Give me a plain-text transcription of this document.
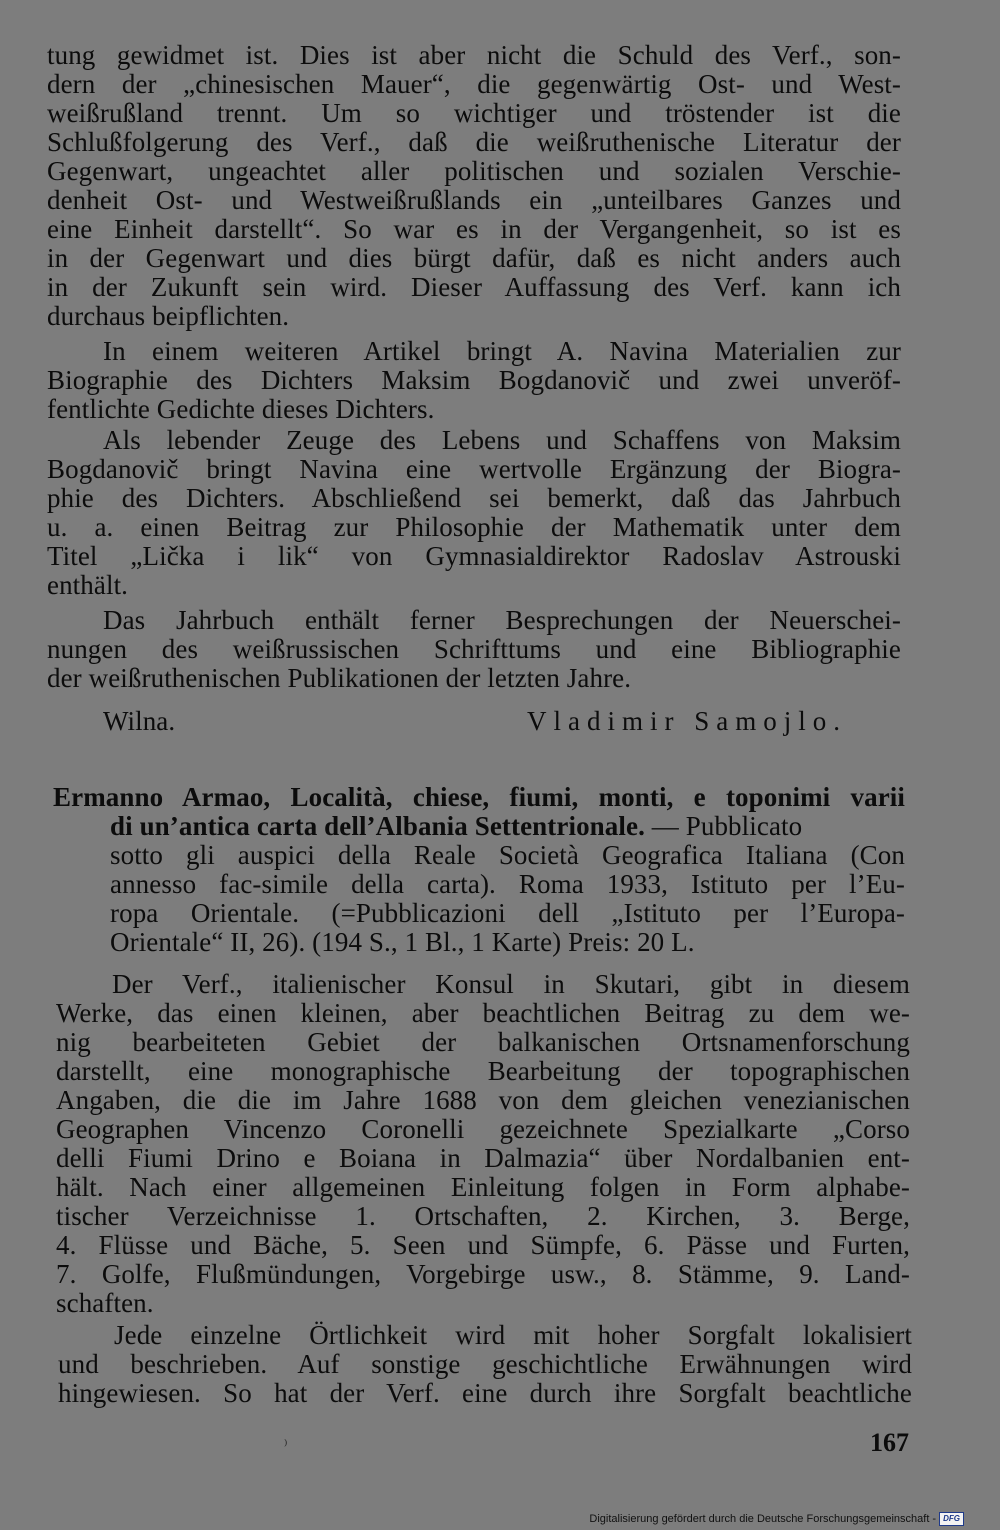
tung gewidmet ist. Dies ist aber nicht die Schuld des Verf., son-
dern der „chinesischen Mauer“, die gegenwärtig Ost- und West-
weißrußland trennt. Um so wichtiger und tröstender ist die
Schlußfolgerung des Verf., daß die weißruthenische Literatur der
Gegenwart, ungeachtet aller politischen und sozialen Verschie-
denheit Ost- und Westweißrußlands ein „unteilbares Ganzes und
eine Einheit darstellt“. So war es in der Vergangenheit, so ist es
in der Gegenwart und dies bürgt dafür, daß es nicht anders auch
in der Zukunft sein wird. Dieser Auffassung des Verf. kann ich
durchaus beipflichten.
In einem weiteren Artikel bringt A. Navina Materialien zur
Biographie des Dichters Maksim Bogdanovič und zwei unveröf-
fentlichte Gedichte dieses Dichters.
Als lebender Zeuge des Lebens und Schaffens von Maksim
Bogdanovič bringt Navina eine wertvolle Ergänzung der Biogra-
phie des Dichters. Abschließend sei bemerkt, daß das Jahrbuch
u. a. einen Beitrag zur Philosophie der Mathematik unter dem
Titel „Lička i lik“ von Gymnasialdirektor Radoslav Astrouski
enthält.
Das Jahrbuch enthält ferner Besprechungen der Neuerschei-
nungen des weißrussischen Schrifttums und eine Bibliographie
der weißruthenischen Publikationen der letzten Jahre.
Wilna.	Vladimir Samojlo.
Ermanno Armao, Località, chiese, fiumi, monti, e toponimi varii
di un’antica carta dell’Albania Settentrionale. — Pubblicato
sotto gli auspici della Reale Società Geografica Italiana (Con
annesso fac-simile della carta). Roma 1933, Istituto per l’Eu-
ropa Orientale. (=Pubblicazioni dell „Istituto per l’Europa-
Orientale“ II, 26). (194 S., 1 Bl., 1 Karte) Preis: 20 L.
Der Verf., italienischer Konsul in Skutari, gibt in diesem
Werke, das einen kleinen, aber beachtlichen Beitrag zu dem we-
nig bearbeiteten Gebiet der balkanischen Ortsnamenforschung
darstellt, eine monographische Bearbeitung der topographischen
Angaben, die die im Jahre 1688 von dem gleichen venezianischen
Geographen Vincenzo Coronelli gezeichnete Spezialkarte „Corso
delli Fiumi Drino e Boiana in Dalmazia“ über Nordalbanien ent-
hält. Nach einer allgemeinen Einleitung folgen in Form alphabe-
tischer Verzeichnisse 1. Ortschaften, 2. Kirchen, 3. Berge,
4. Flüsse und Bäche, 5. Seen und Sümpfe, 6. Pässe und Furten,
7. Golfe, Flußmündungen, Vorgebirge usw., 8. Stämme, 9. Land-
schaften.
Jede einzelne Örtlichkeit wird mit hoher Sorgfalt lokalisiert
und beschrieben. Auf sonstige geschichtliche Erwähnungen wird
hingewiesen. So hat der Verf. eine durch ihre Sorgfalt beachtliche
⁾	167
Digitalisierung gefördert durch die Deutsche Forschungsgemeinschaft - DFG
